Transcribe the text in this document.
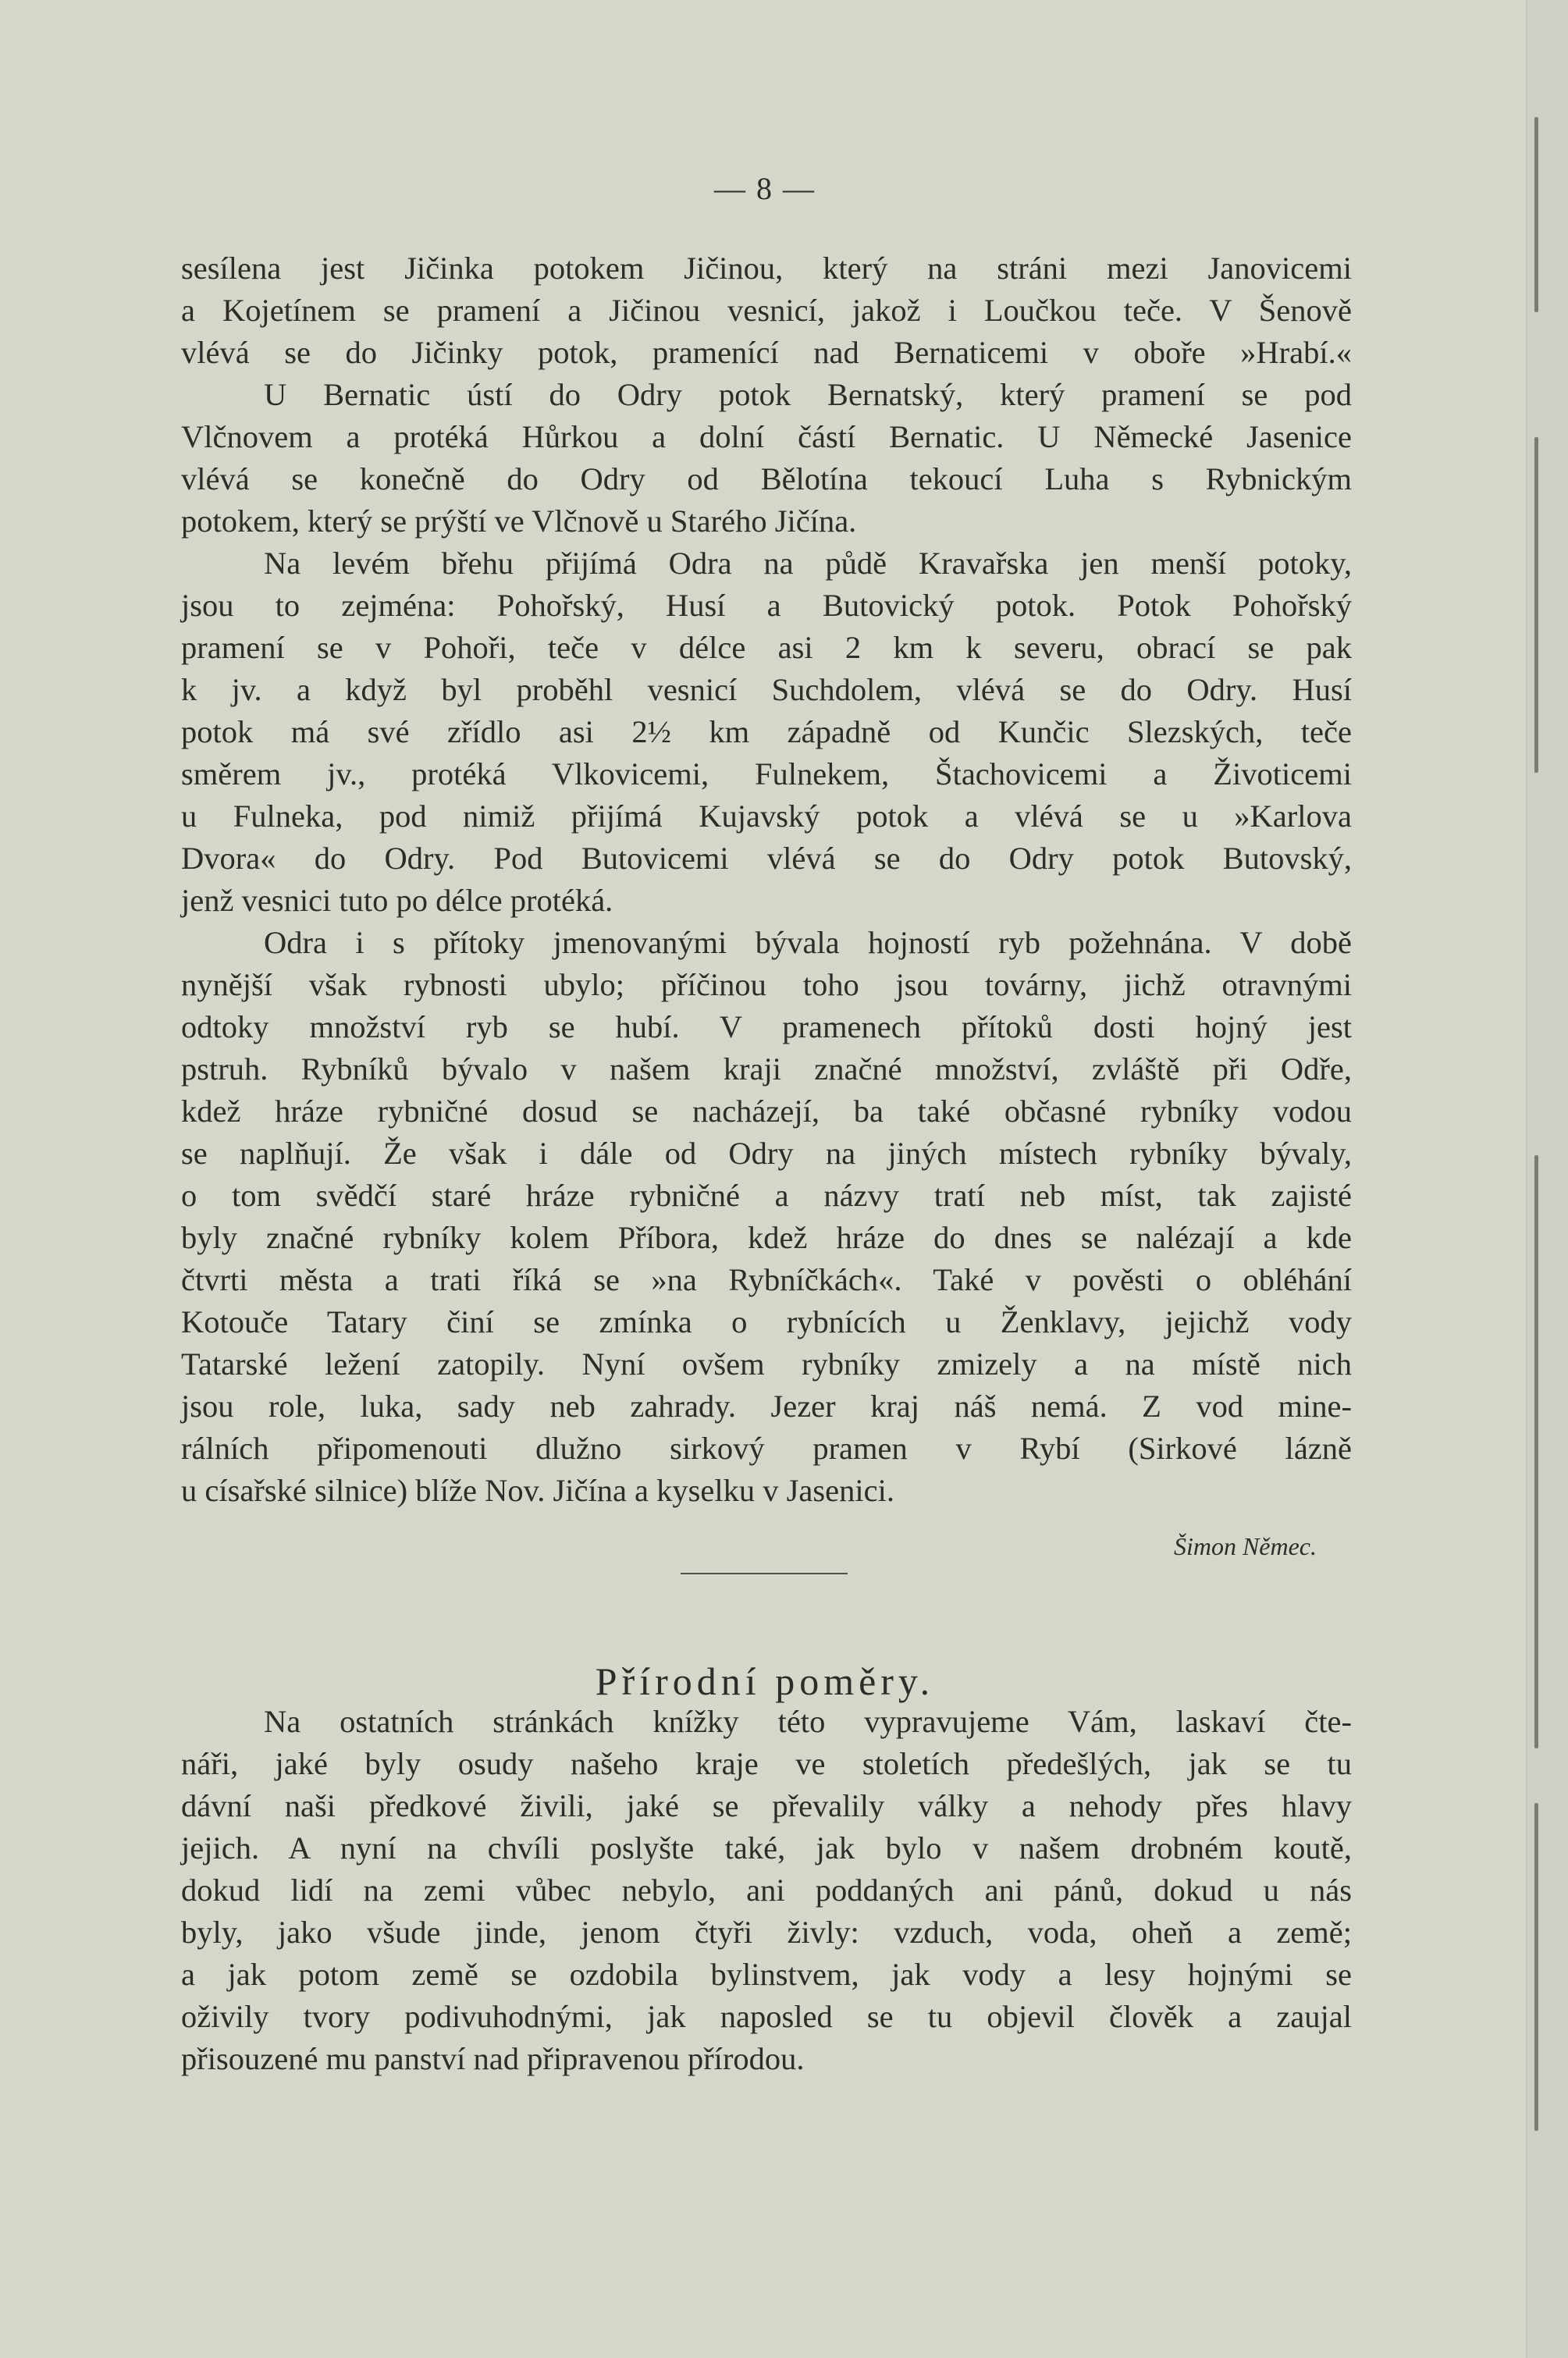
— 8 —
sesílena jest Jičinka potokem Jičinou, který na stráni mezi Janovicemi
a Kojetínem se pramení a Jičinou vesnicí, jakož i Loučkou teče. V Šenově
vlévá se do Jičinky potok, pramenící nad Bernaticemi v oboře »Hrabí.«
U Bernatic ústí do Odry potok Bernatský, který pramení se pod
Vlčnovem a protéká Hůrkou a dolní částí Bernatic. U Německé Jasenice
vlévá se konečně do Odry od Bělotína tekoucí Luha s Rybnickým
potokem, který se prýští ve Vlčnově u Starého Jičína.
Na levém břehu přijímá Odra na půdě Kravařska jen menší potoky,
jsou to zejména: Pohořský, Husí a Butovický potok. Potok Pohořský
pramení se v Pohoři, teče v délce asi 2 km k severu, obrací se pak
k jv. a když byl proběhl vesnicí Suchdolem, vlévá se do Odry. Husí
potok má své zřídlo asi 2½ km západně od Kunčic Slezských, teče
směrem jv., protéká Vlkovicemi, Fulnekem, Štachovicemi a Životicemi
u Fulneka, pod nimiž přijímá Kujavský potok a vlévá se u »Karlova
Dvora« do Odry. Pod Butovicemi vlévá se do Odry potok Butovský,
jenž vesnici tuto po délce protéká.
Odra i s přítoky jmenovanými bývala hojností ryb požehnána. V době
nynější však rybnosti ubylo; příčinou toho jsou továrny, jichž otravnými
odtoky množství ryb se hubí. V pramenech přítoků dosti hojný jest
pstruh. Rybníků bývalo v našem kraji značné množství, zvláště při Odře,
kdež hráze rybničné dosud se nacházejí, ba také občasné rybníky vodou
se naplňují. Že však i dále od Odry na jiných místech rybníky bývaly,
o tom svědčí staré hráze rybničné a názvy tratí neb míst, tak zajisté
byly značné rybníky kolem Příbora, kdež hráze do dnes se nalézají a kde
čtvrti města a trati říká se »na Rybníčkách«. Také v pověsti o obléhání
Kotouče Tatary činí se zmínka o rybnících u Ženklavy, jejichž vody
Tatarské ležení zatopily. Nyní ovšem rybníky zmizely a na místě nich
jsou role, luka, sady neb zahrady. Jezer kraj náš nemá. Z vod mine-
rálních připomenouti dlužno sirkový pramen v Rybí (Sirkové lázně
u císařské silnice) blíže Nov. Jičína a kyselku v Jasenici.
Na ostatních stránkách knížky této vypravujeme Vám, laskaví čte-
náři, jaké byly osudy našeho kraje ve stoletích předešlých, jak se tu
dávní naši předkové živili, jaké se převalily války a nehody přes hlavy
jejich. A nyní na chvíli poslyšte také, jak bylo v našem drobném koutě,
dokud lidí na zemi vůbec nebylo, ani poddaných ani pánů, dokud u nás
byly, jako všude jinde, jenom čtyři živly: vzduch, voda, oheň a země;
a jak potom země se ozdobila bylinstvem, jak vody a lesy hojnými se
oživily tvory podivuhodnými, jak naposled se tu objevil člověk a zaujal
přisouzené mu panství nad připravenou přírodou.
Šimon Němec.
Přírodní poměry.
